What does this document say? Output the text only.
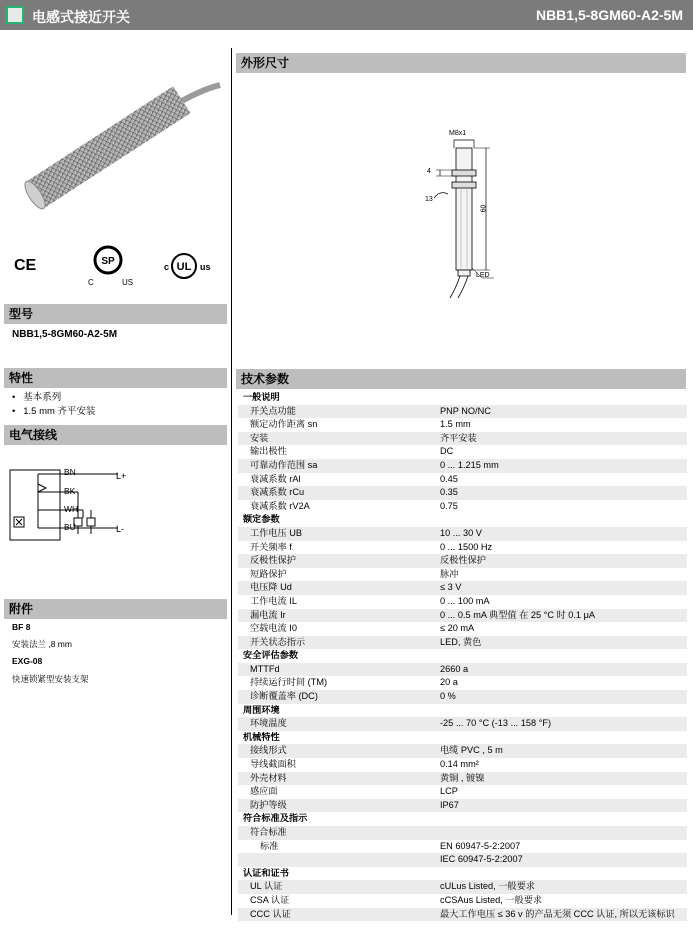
电感式接近开关	NBB1,5-8GM60-A2-5M
CE	SP
C	US
c UL us
型号
NBB1,5-8GM60-A2-5M
特性
•   基本系列
•   1.5 mm 齐平安装
电气接线
BN
BK
WH
BU
L+
L-
附件
BF 8
安装法兰 ,8 mm
EXG-08
快速锁紧型安装支架
外形尺寸
M8x1
4
13
60
LED
技术参数
一般说明	
开关点功能	PNP NO/NC
额定动作距离 sn	1.5 mm
安装	齐平安装
输出极性	DC
可靠动作范围 sa	0 ... 1.215 mm
衰减系数 rAl	0.45
衰减系数 rCu	0.35
衰减系数 rV2A	0.75
额定参数	
工作电压 UB	10 ... 30 V
开关频率 f	0 ... 1500 Hz
反极性保护	反极性保护
短路保护	脉冲
电压降 Ud	≤ 3 V
工作电流 IL	0 ... 100 mA
漏电流 Ir	0 ... 0.5 mA 典型值 在 25 °C 时 0.1 μA
空载电流 I0	≤ 20 mA
开关状态指示	LED, 黄色
安全评估参数	
MTTFd	2660 a
持续运行时间 (TM)	20 a
诊断覆盖率 (DC)	0 %
周围环境	
环境温度	-25 ... 70 °C (-13 ... 158 °F)
机械特性	
接线形式	电缆 PVC , 5 m
导线截面积	0.14 mm²
外壳材料	黄铜 , 镀镍
感应面	LCP
防护等级	IP67
符合标准及指示	
符合标准	
标准	EN 60947-5-2:2007
	IEC 60947-5-2:2007
认证和证书	
UL 认证	cULus Listed, 一般要求
CSA 认证	cCSAus Listed, 一般要求
CCC 认证	最大工作电压 ≤ 36 v 的产品无须 CCC 认证, 所以无该标识
